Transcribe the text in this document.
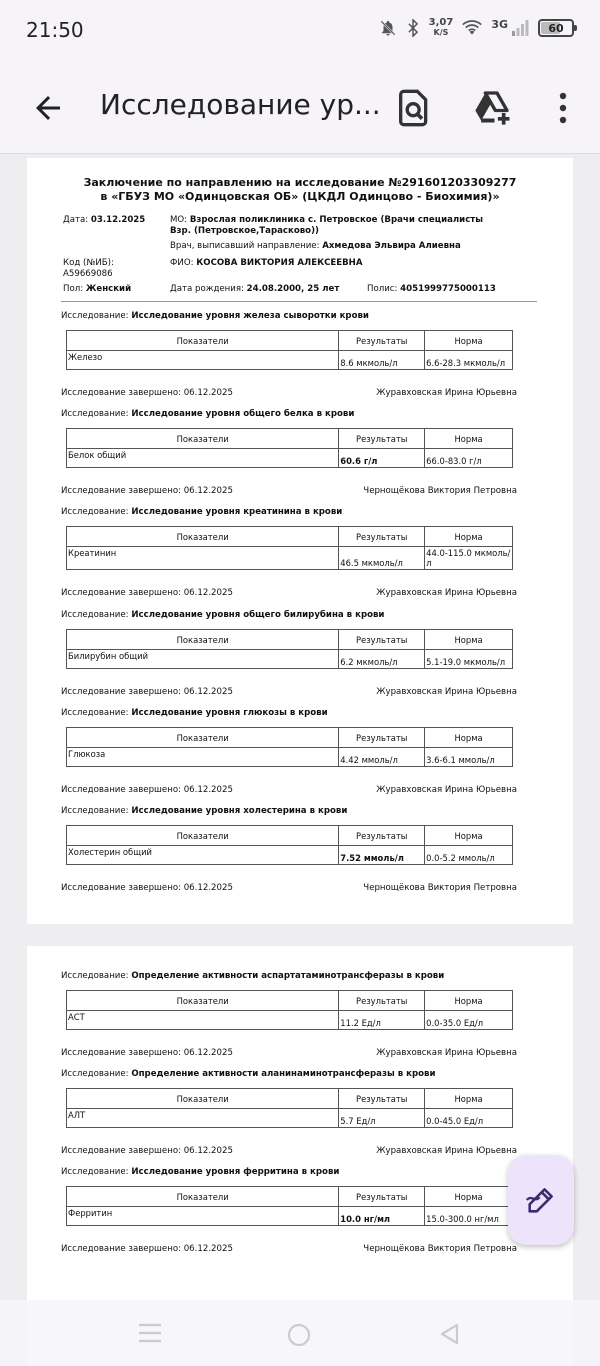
21:50	3,07
K/S
3G	60
Исследование ур...
Заключение по направлению на исследование №291601203309277
в «ГБУЗ МО «Одинцовская ОБ» (ЦКДЛ Одинцово - Биохимия)»
Дата: 03.12.2025	МО: Взрослая поликлиника с. Петровское (Врачи специалисты
Взр. (Петровское,Тарасково))
Врач, выписавший направление: Ахмедова Эльвира Алиевна
Код (№ИБ):
А59669086
ФИО: КОСОВА ВИКТОРИЯ АЛЕКСЕЕВНА
Пол: Женский	Дата рождения: 24.08.2000, 25 лет	Полис: 4051999775000113
Исследование: Исследование уровня железа сыворотки крови
Показатели	Результаты	Норма
Железо	8.6 мкмоль/л	6.6-28.3 мкмоль/л
Исследование завершено: 06.12.2025	Журавховская Ирина Юрьевна
Исследование: Исследование уровня общего белка в крови
Показатели	Результаты	Норма
Белок общий	60.6 г/л	66.0-83.0 г/л
Исследование завершено: 06.12.2025	Чернощёкова Виктория Петровна
Исследование: Исследование уровня креатинина в крови
Показатели	Результаты	Норма
Креатинин	46.5 мкмоль/л	44.0-115.0 мкмоль/л
Исследование завершено: 06.12.2025	Журавховская Ирина Юрьевна
Исследование: Исследование уровня общего билирубина в крови
Показатели	Результаты	Норма
Билирубин общий	6.2 мкмоль/л	5.1-19.0 мкмоль/л
Исследование завершено: 06.12.2025	Журавховская Ирина Юрьевна
Исследование: Исследование уровня глюкозы в крови
Показатели	Результаты	Норма
Глюкоза	4.42 ммоль/л	3.6-6.1 ммоль/л
Исследование завершено: 06.12.2025	Журавховская Ирина Юрьевна
Исследование: Исследование уровня холестерина в крови
Показатели	Результаты	Норма
Холестерин общий	7.52 ммоль/л	0.0-5.2 ммоль/л
Исследование завершено: 06.12.2025	Чернощёкова Виктория Петровна
Исследование: Определение активности аспартатаминотрансферазы в крови
Показатели	Результаты	Норма
АСТ	11.2 Ед/л	0.0-35.0 Ед/л
Исследование завершено: 06.12.2025	Журавховская Ирина Юрьевна
Исследование: Определение активности аланинаминотрансферазы в крови
Показатели	Результаты	Норма
АЛТ	5.7 Ед/л	0.0-45.0 Ед/л
Исследование завершено: 06.12.2025	Журавховская Ирина Юрьевна
Исследование: Исследование уровня ферритина в крови
Показатели	Результаты	Норма
Ферритин	10.0 нг/мл	15.0-300.0 нг/мл
Исследование завершено: 06.12.2025	Чернощёкова Виктория Петровна
